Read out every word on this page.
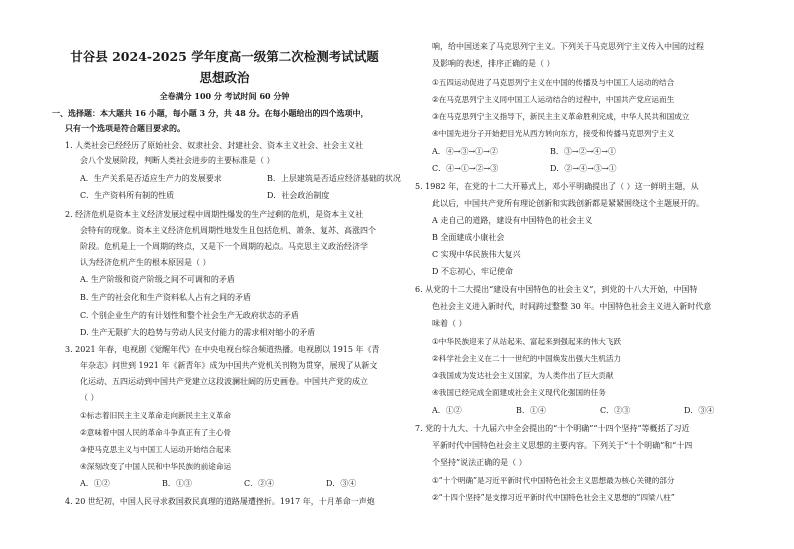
甘谷县 2024-2025 学年度高一级第二次检测考试试题
思想政治
全卷满分 100 分 考试时间 60 分钟
一、选择题：本大题共 16 小题，每小题 3 分，共 48 分。在每小题给出的四个选项中，
只有一个选项是符合题目要求的。
1. 人类社会已经经历了原始社会、奴隶社会、封建社会、资本主义社会、社会主义社
会八个发展阶段，判断人类社会进步的主要标准是（ ）
A．生产关系是否适应生产力的发展要求	B．上层建筑是否适应经济基础的状况
C．生产资料所有制的性质	D．社会政治制度
2. 经济危机是资本主义经济发展过程中周期性爆发的生产过剩的危机，是资本主义社
会特有的现象。资本主义经济危机周期性地发生且包括危机、萧条、复苏、高涨四个
阶段。危机是上一个周期的终点，又是下一个周期的起点。马克思主义政治经济学
认为经济危机产生的根本原因是（ ）
A. 生产阶级和资产阶级之间不可调和的矛盾
B. 生产的社会化和生产资料私人占有之间的矛盾
C. 个别企业生产的有计划性和整个社会生产无政府状态的矛盾
D. 生产无限扩大的趋势与劳动人民支付能力的需求相对缩小的矛盾
3. 2021 年春，电视剧《觉醒年代》在中央电视台综合频道热播。电视剧以 1915 年《青
年杂志》问世到 1921 年《新青年》成为中国共产党机关刊物为贯穿，展现了从新文
化运动、五四运动到中国共产党建立这段波澜壮阔的历史画卷。中国共产党的成立
（ ）
①标志着旧民主主义革命走向新民主主义革命
②意味着中国人民的革命斗争真正有了主心骨
③使马克思主义与中国工人运动开始结合起来
④深刻改变了中国人民和中华民族的前途命运
A．①②	B．①③	C．②④	D．③④
4. 20 世纪初，中国人民寻求救国救民真理的道路屡遭挫折。1917 年，十月革命一声炮
响，给中国送来了马克思列宁主义。下列关于马克思列宁主义传入中国的过程
及影响的表述，排序正确的是（ ）
①五四运动促进了马克思列宁主义在中国的传播及与中国工人运动的结合
②在马克思列宁主义同中国工人运动结合的过程中，中国共产党应运而生
③在马克思列宁主义指导下，新民主主义革命胜利完成，中华人民共和国成立
④中国先进分子开始把目光从西方转向东方，接受和传播马克思列宁主义
A．④→③→①→②	B．③→②→④→①
C．④→①→②→③	D．②→④→③→①
5. 1982 年，在党的十二大开幕式上，邓小平明确提出了（ ）这一鲜明主题，从
此以后，中国共产党所有理论创新和实践创新都是紧紧围绕这个主题展开的。
A 走自己的道路，建设有中国特色的社会主义
B 全面建成小康社会
C 实现中华民族伟大复兴
D 不忘初心，牢记使命
6. 从党的十二大提出“建设有中国特色的社会主义”，到党的十八大开始，中国特
色社会主义进入新时代，时间跨过整整 30 年。中国特色社会主义进入新时代意
味着（ ）
①中华民族迎来了从站起来、富起来到强起来的伟大飞跃
②科学社会主义在二十一世纪的中国焕发出强大生机活力
③我国成为发达社会主义国家，为人类作出了巨大贡献
④我国已经完成全面建成社会主义现代化强国的任务
A．①②	B．①④	C．②③	D．③④
7. 党的十九大、十九届六中全会提出的“十个明确”“十四个坚持”等概括了习近
平新时代中国特色社会主义思想的主要内容。下列关于“十个明确”和“十四
个坚持”说法正确的是（ ）
①“十个明确”是习近平新时代中国特色社会主义思想最为核心关键的部分
②“十四个坚持”是支撑习近平新时代中国特色社会主义思想的“四梁八柱”
